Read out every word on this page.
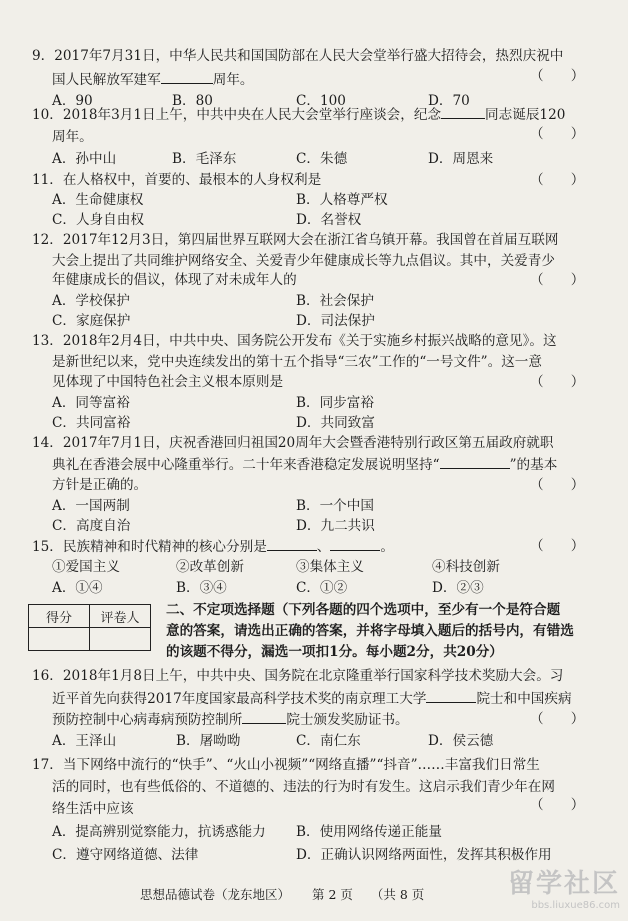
9．2017年7月31日，中华人民共和国国防部在人民大会堂举行盛大招待会，热烈庆祝中
国人民解放军建军	周年。	（　　）
A．90	B．80	C．100	D．70
10．2018年3月1日上午，中共中央在人民大会堂举行座谈会，纪念	同志诞辰120
周年。	（　　）
A．孙中山	B．毛泽东	C．朱德	D．周恩来
11．在人格权中，首要的、最根本的人身权利是	（　　）
A．生命健康权	B．人格尊严权
C．人身自由权	D．名誉权
12．2017年12月3日，第四届世界互联网大会在浙江省乌镇开幕。我国曾在首届互联网
大会上提出了共同维护网络安全、关爱青少年健康成长等九点倡议。其中，关爱青少
年健康成长的倡议，体现了对未成年人的	（　　）
A．学校保护	B．社会保护
C．家庭保护	D．司法保护
13．2018年2月4日，中共中央、国务院公开发布《关于实施乡村振兴战略的意见》。这
是新世纪以来，党中央连续发出的第十五个指导“三农”工作的“一号文件”。这一意
见体现了中国特色社会主义根本原则是	（　　）
A．同等富裕	B．同步富裕
C．共同富裕	D．共同致富
14．2017年7月1日，庆祝香港回归祖国20周年大会暨香港特别行政区第五届政府就职
典礼在香港会展中心隆重举行。二十年来香港稳定发展说明坚持“	”的基本
方针是正确的。	（　　）
A．一国两制	B．一个中国
C．高度自治	D．九二共识
15．民族精神和时代精神的核心分别是	、	。	（　　）
①爱国主义	②改革创新	③集体主义	④科技创新
A．①④	B．③④	C．①②	D．②③
得分	评卷人
	二、不定项选择题（下列各题的四个选项中，至少有一个是符合题
意的答案，请选出正确的答案，并将字母填入题后的括号内，有错选
的该题不得分，漏选一项扣1分。每小题2分，共20分）
16．2018年1月8日上午，中共中央、国务院在北京隆重举行国家科学技术奖励大会。习
近平首先向获得2017年度国家最高科学技术奖的南京理工大学	院士和中国疾病
预防控制中心病毒病预防控制所	院士颁发奖励证书。	（　　）
A．王泽山	B．屠呦呦	C．南仁东	D．侯云德
17．当下网络中流行的“快手”、“火山小视频”“网络直播”“抖音”……丰富我们日常生
活的同时，也有些低俗的、不道德的、违法的行为时有发生。这启示我们青少年在网
络生活中应该	（　　）
A．提高辨别觉察能力，抗诱惑能力 B．使用网络传递正能量
C．遵守网络道德、法律	D．正确认识网络两面性，发挥其积极作用
思想品德试卷（龙东地区） 第 2 页 （共 8 页	留学社区
bbs.liuxue86.com
